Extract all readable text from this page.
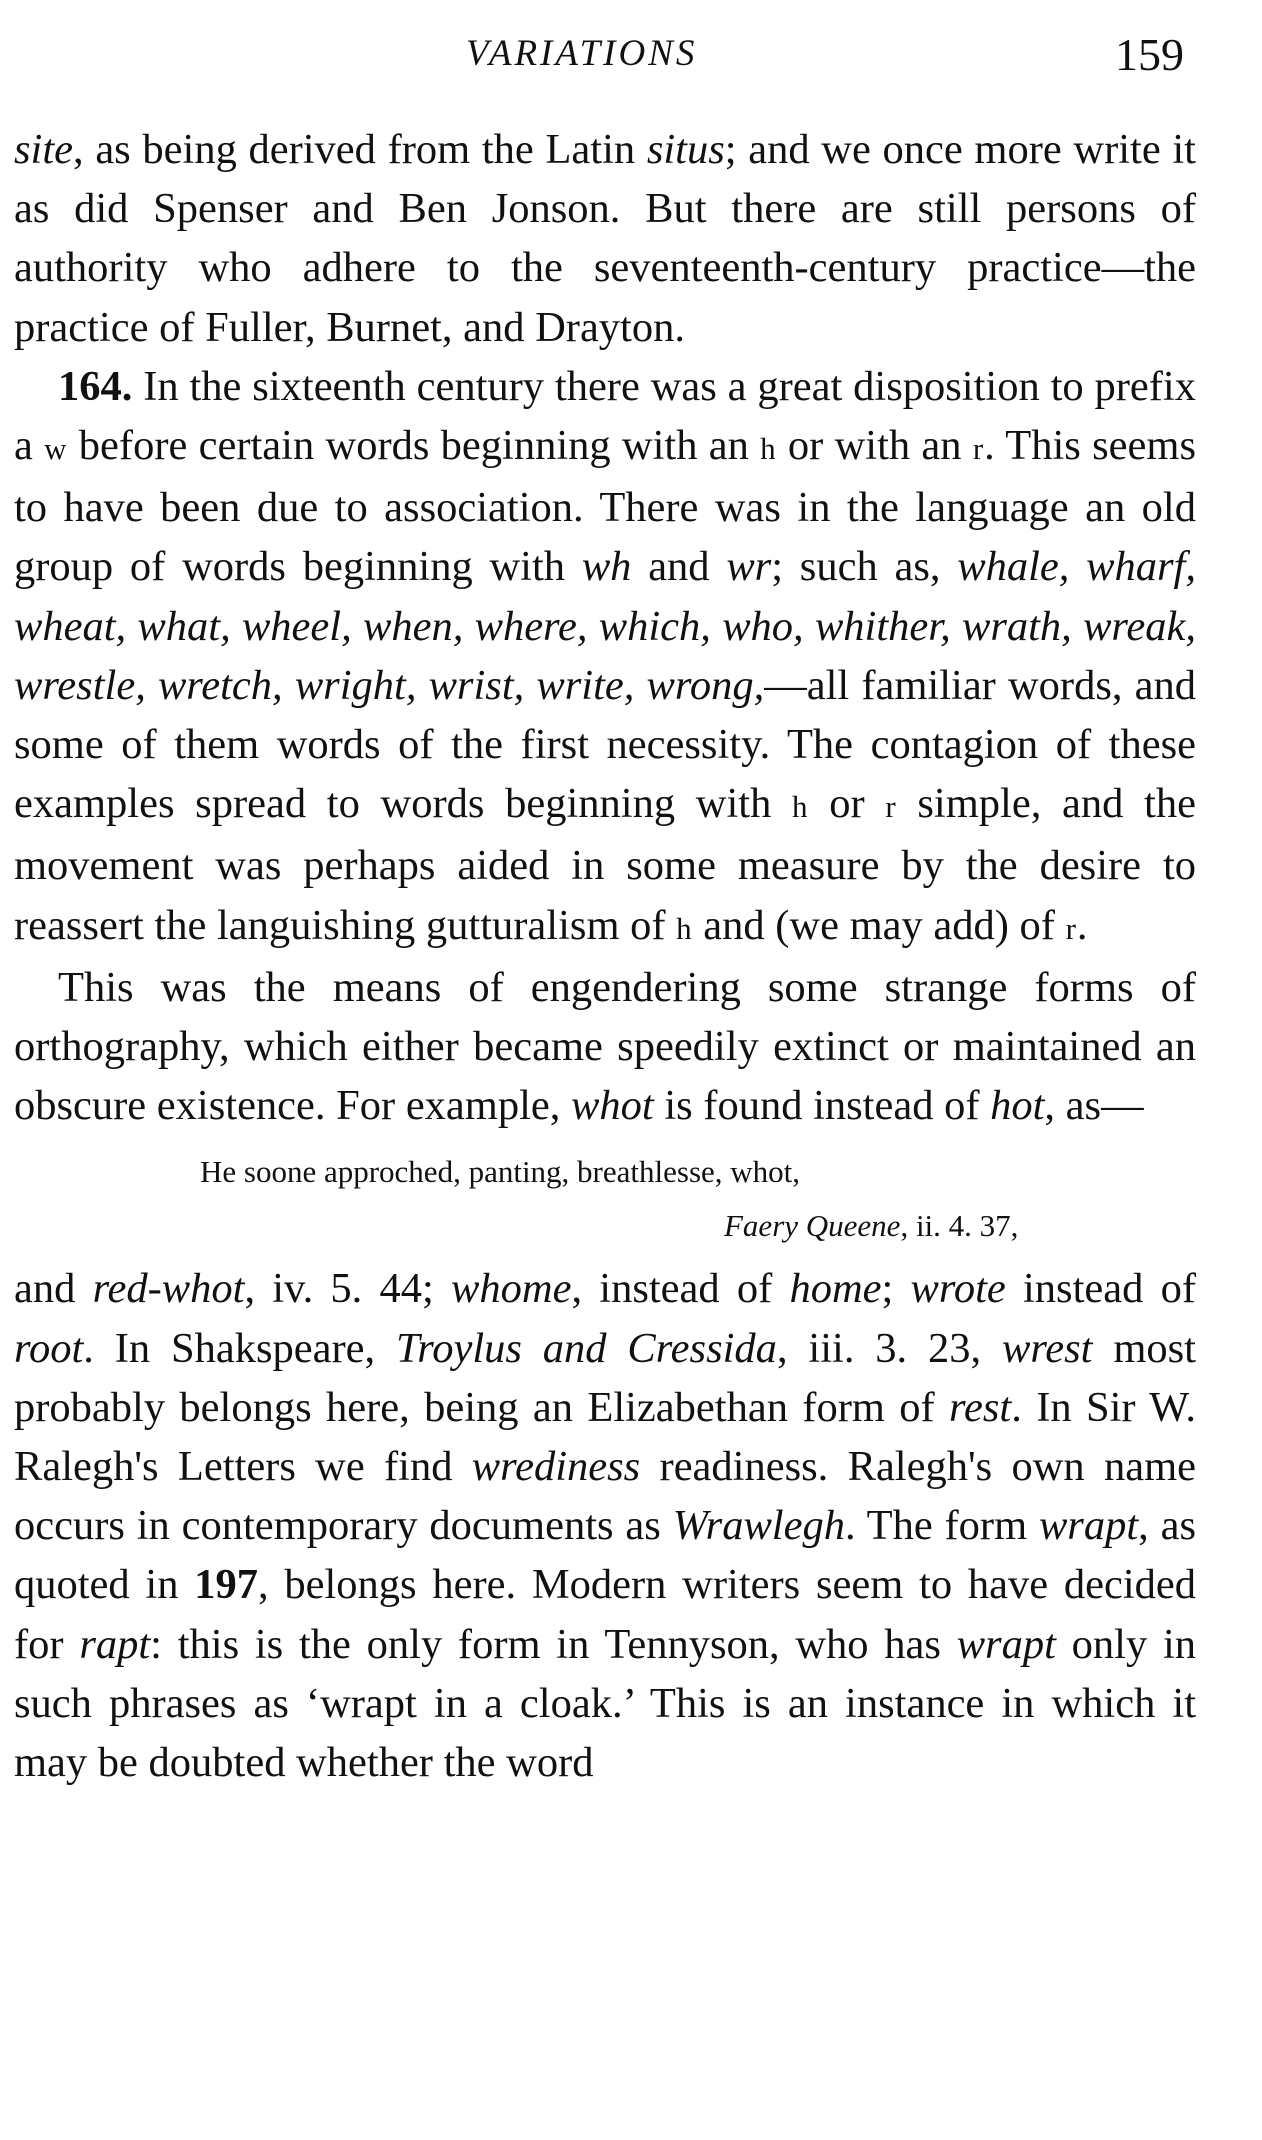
VARIATIONS	159

site, as being derived from the Latin situs; and we once more write it as did Spenser and Ben Jonson. But there are still persons of authority who adhere to the seventeenth-century practice—the practice of Fuller, Burnet, and Drayton.

164. In the sixteenth century there was a great disposition to prefix a w before certain words beginning with an h or with an r. This seems to have been due to association. There was in the language an old group of words beginning with wh and wr; such as, whale, wharf, wheat, what, wheel, when, where, which, who, whither, wrath, wreak, wrestle, wretch, wright, wrist, write, wrong,—all familiar words, and some of them words of the first necessity. The contagion of these examples spread to words beginning with h or r simple, and the movement was perhaps aided in some measure by the desire to reassert the languishing gutturalism of h and (we may add) of r.

This was the means of engendering some strange forms of orthography, which either became speedily extinct or maintained an obscure existence. For example, whot is found instead of hot, as—

He soone approched, panting, breathlesse, whot,
Faery Queene, ii. 4. 37,

and red-whot, iv. 5. 44; whome, instead of home; wrote instead of root. In Shakspeare, Troylus and Cressida, iii. 3. 23, wrest most probably belongs here, being an Elizabethan form of rest. In Sir W. Ralegh's Letters we find wrediness readiness. Ralegh's own name occurs in contemporary documents as Wrawlegh. The form wrapt, as quoted in 197, belongs here. Modern writers seem to have decided for rapt: this is the only form in Tennyson, who has wrapt only in such phrases as ‘wrapt in a cloak.’ This is an instance in which it may be doubted whether the word
